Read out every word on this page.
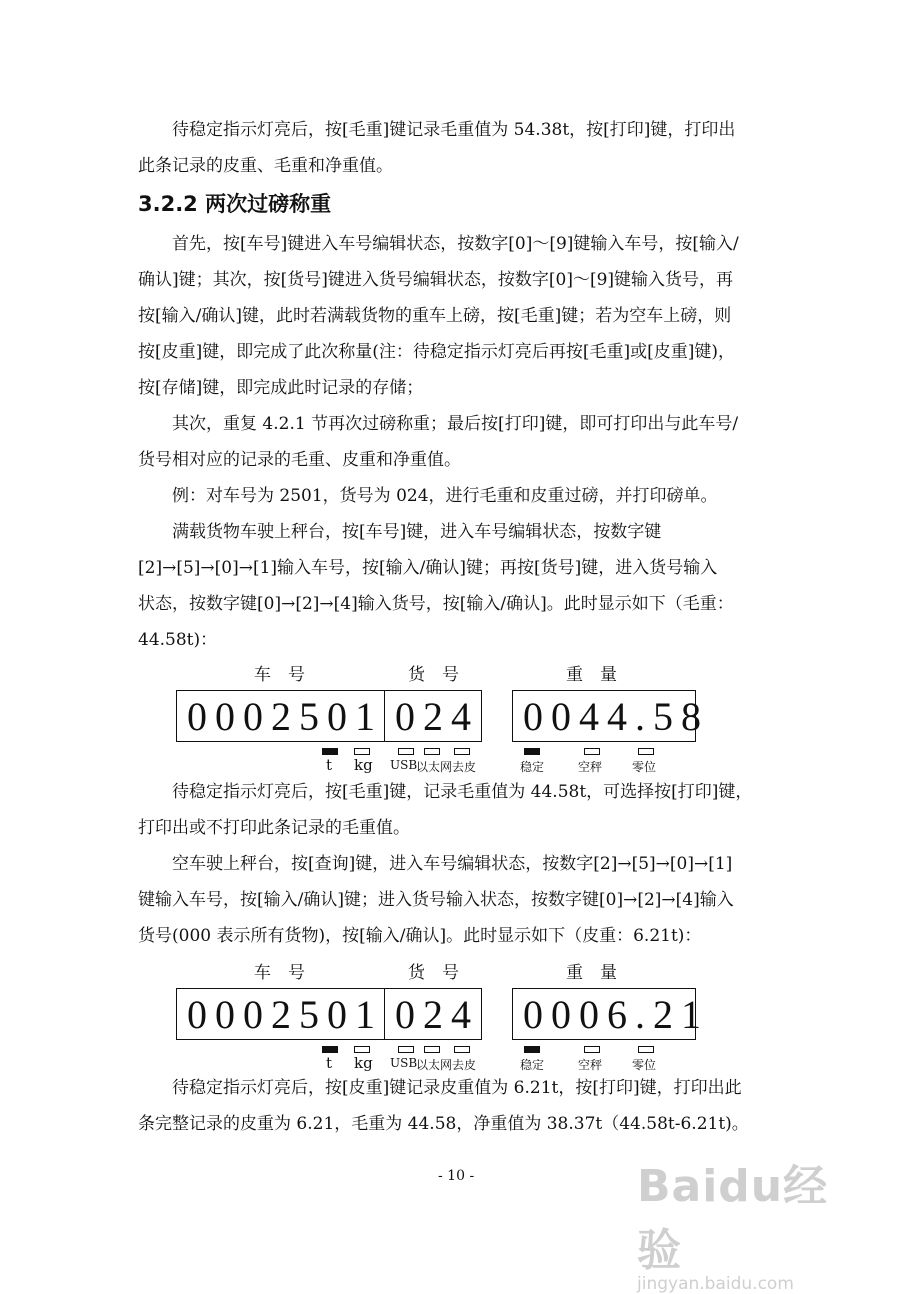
待稳定指示灯亮后，按[毛重]键记录毛重值为 54.38t，按[打印]键，打印出
此条记录的皮重、毛重和净重值。

3.2.2 两次过磅称重

首先，按[车号]键进入车号编辑状态，按数字[0]～[9]键输入车号，按[输入/
确认]键；其次，按[货号]键进入货号编辑状态，按数字[0]～[9]键输入货号，再
按[输入/确认]键，此时若满载货物的重车上磅，按[毛重]键；若为空车上磅，则
按[皮重]键，即完成了此次称量(注：待稳定指示灯亮后再按[毛重]或[皮重]键)，
按[存储]键，即完成此时记录的存储；

其次，重复 4.2.1 节再次过磅称重；最后按[打印]键，即可打印出与此车号/
货号相对应的记录的毛重、皮重和净重值。

例：对车号为 2501，货号为 024，进行毛重和皮重过磅，并打印磅单。

满载货物车驶上秤台，按[车号]键，进入车号编辑状态，按数字键
[2]→[5]→[0]→[1]输入车号，按[输入/确认]键；再按[货号]键，进入货号输入
状态，按数字键[0]→[2]→[4]输入货号，按[输入/确认]。此时显示如下（毛重：
44.58t)：

车　号	货　号	重　量
0002501 024 0044.58
t kg USB
以太网 去皮	稳定	空秤 零位

待稳定指示灯亮后，按[毛重]键，记录毛重值为 44.58t，可选择按[打印]键，
打印出或不打印此条记录的毛重值。

空车驶上秤台，按[查询]键，进入车号编辑状态，按数字[2]→[5]→[0]→[1]
键输入车号，按[输入/确认]键；进入货号输入状态，按数字键[0]→[2]→[4]输入
货号(000 表示所有货物)，按[输入/确认]。此时显示如下（皮重：6.21t)：

车　号	货　号	重　量
0002501 024 0006.21
t kg USB
以太网 去皮	稳定	空秤 零位

待稳定指示灯亮后，按[皮重]键记录皮重值为 6.21t，按[打印]键，打印出此
条完整记录的皮重为 6.21，毛重为 44.58，净重值为 38.37t（44.58t-6.21t)。

- 10 -	Baidu经验
jingyan.baidu.com
